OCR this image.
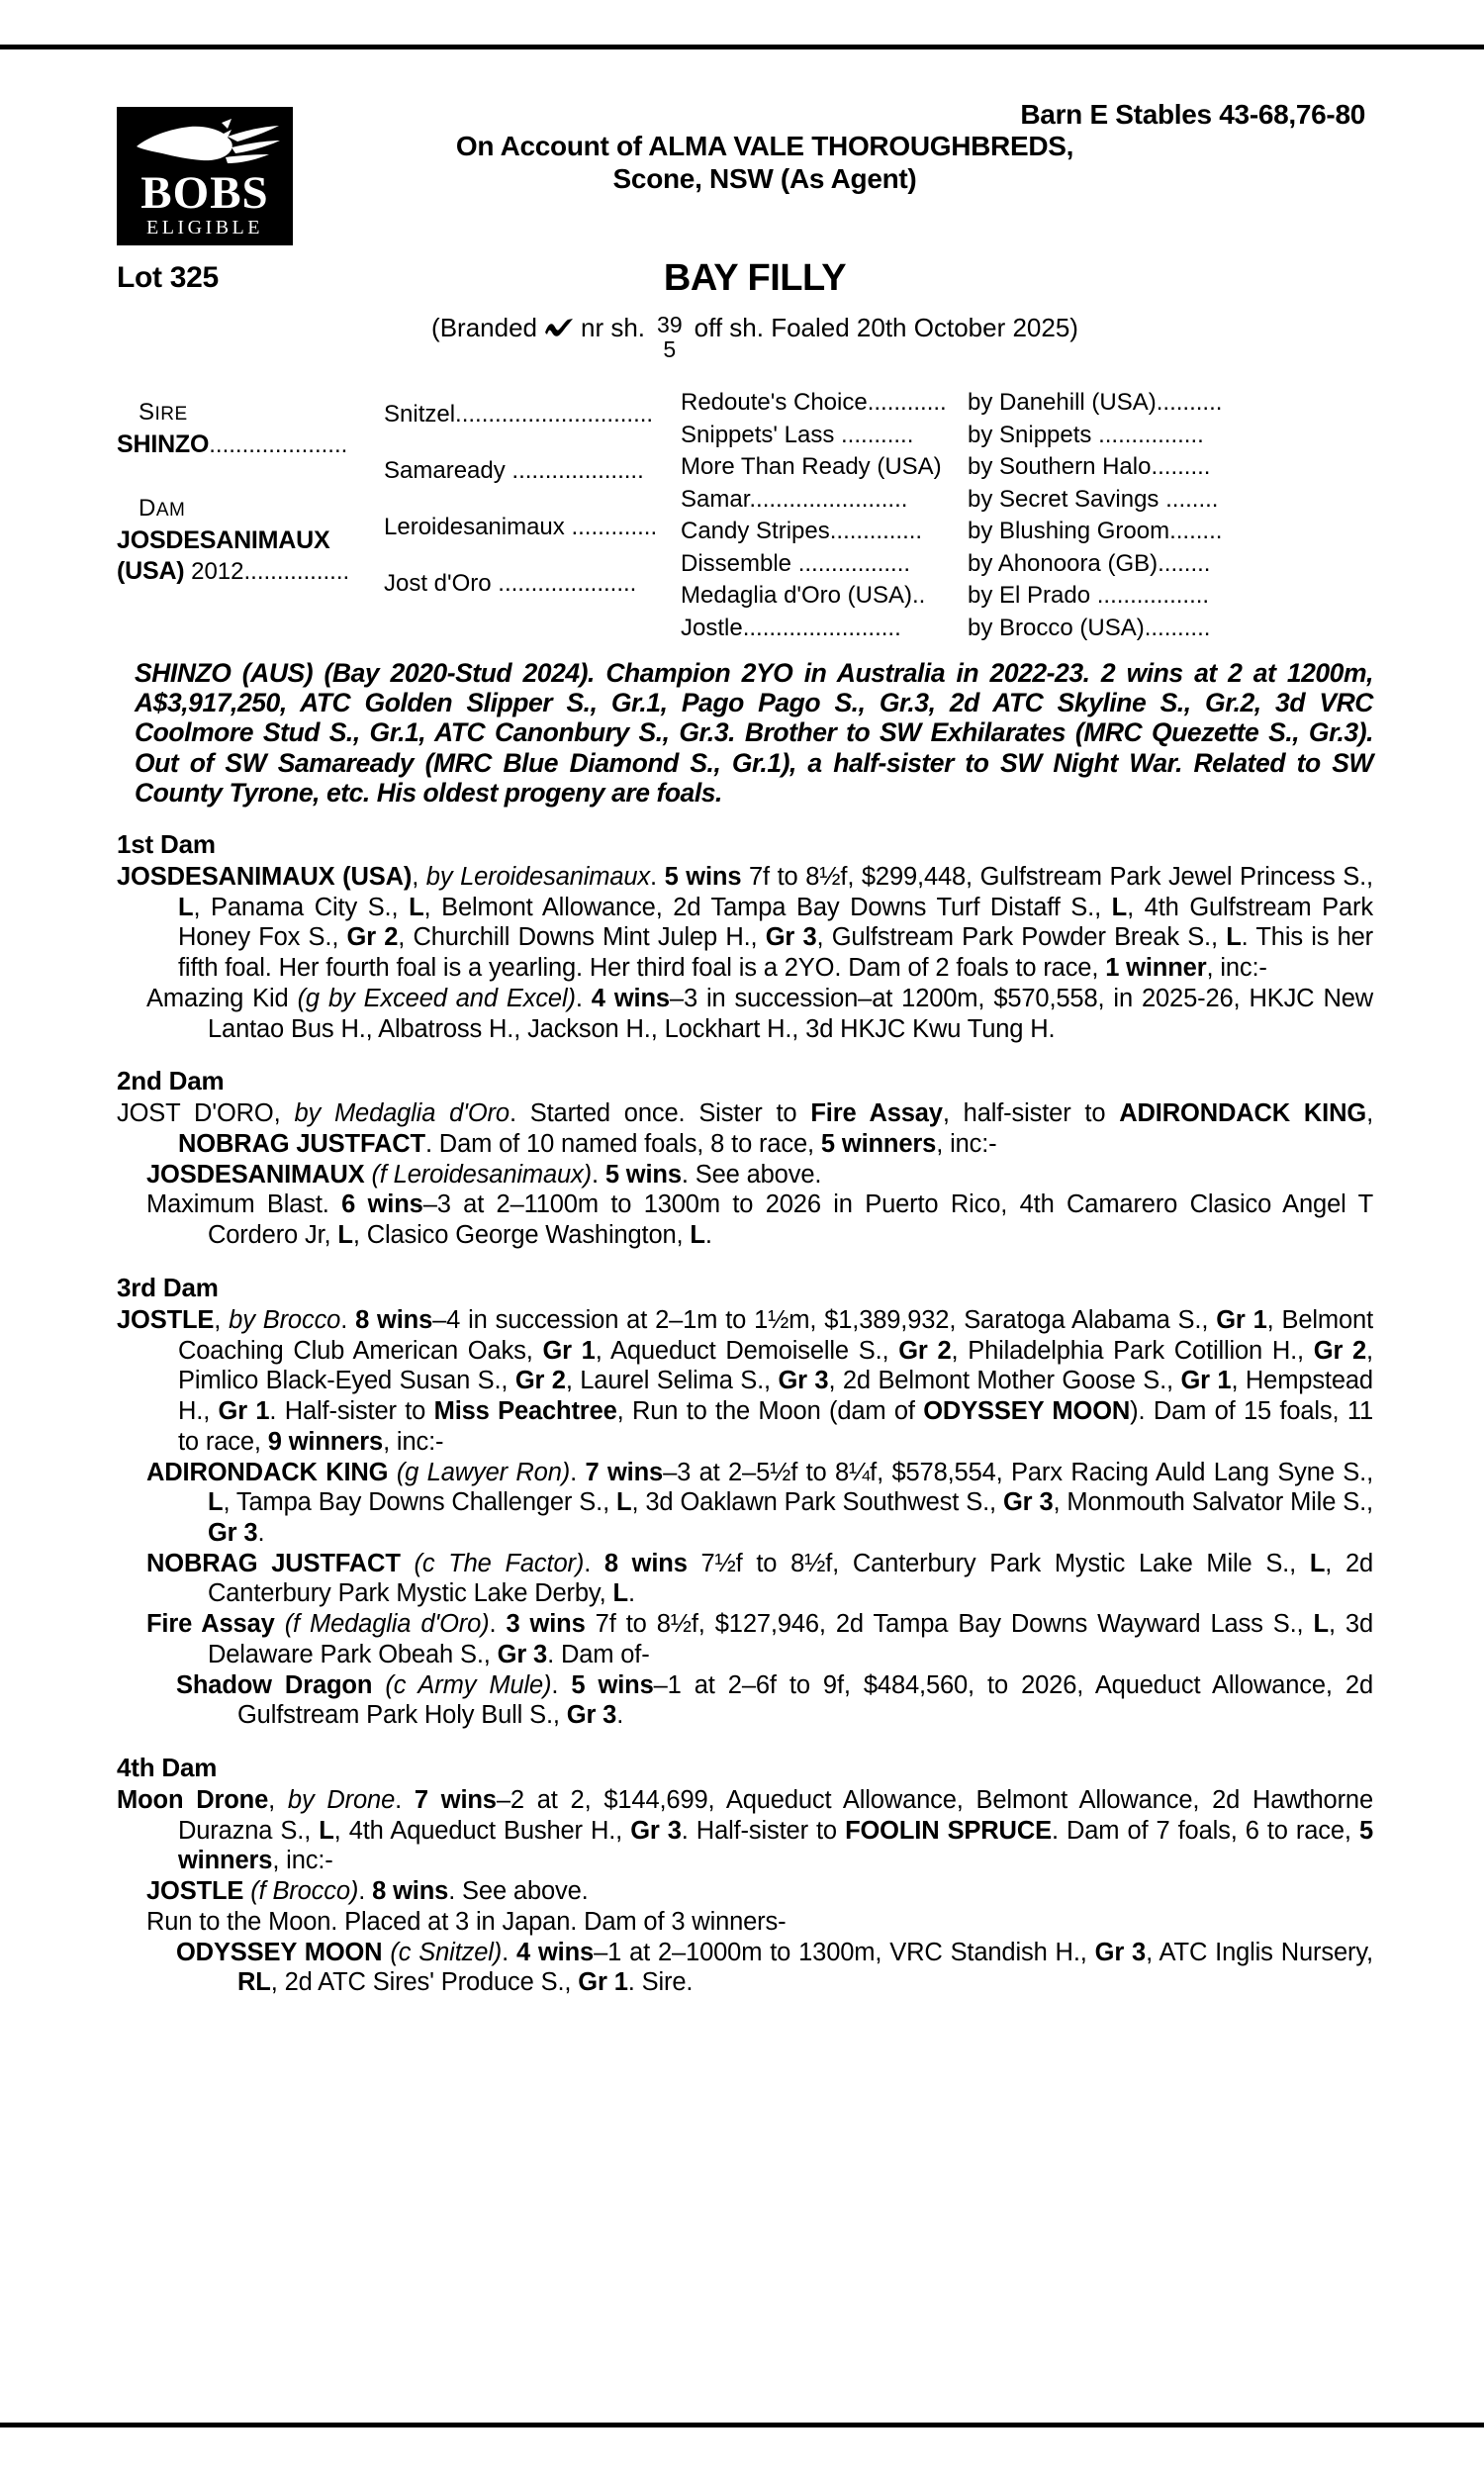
BOBS
ELIGIBLE
Barn E Stables 43-68,76-80
On Account of ALMA VALE THOROUGHBREDS,
Scone, NSW (As Agent)
Lot 325	BAY FILLY
(Branded nr sh. 39
5
off sh. Foaled 20th October 2025)
SIRE
SHINZO.....................
DAM
JOSDESANIMAUX
(USA) 2012................
Snitzel..............................
Samaready ....................
Leroidesanimaux .............
Jost d'Oro .....................
Redoute's Choice............
Snippets' Lass ...........
More Than Ready (USA)
Samar........................
Candy Stripes..............
Dissemble .................
Medaglia d'Oro (USA)..
Jostle........................
by Danehill (USA)..........
by Snippets ................
by Southern Halo.........
by Secret Savings ........
by Blushing Groom........
by Ahonoora (GB)........
by El Prado .................
by Brocco (USA)..........
SHINZO (AUS) (Bay 2020-Stud 2024). Champion 2YO in Australia in 2022-23. 2 wins at 2 at 1200m, A$3,917,250, ATC Golden Slipper S., Gr.1, Pago Pago S., Gr.3, 2d ATC Skyline S., Gr.2, 3d VRC Coolmore Stud S., Gr.1, ATC Canonbury S., Gr.3. Brother to SW Exhilarates (MRC Quezette S., Gr.3). Out of SW Samaready (MRC Blue Diamond S., Gr.1), a half-sister to SW Night War. Related to SW County Tyrone, etc. His oldest progeny are foals.
1st Dam

JOSDESANIMAUX (USA), by Leroidesanimaux. 5 wins 7f to 8½f, $299,448, Gulfstream Park Jewel Princess S., L, Panama City S., L, Belmont Allowance, 2d Tampa Bay Downs Turf Distaff S., L, 4th Gulfstream Park Honey Fox S., Gr 2, Churchill Downs Mint Julep H., Gr 3, Gulfstream Park Powder Break S., L. This is her fifth foal. Her fourth foal is a yearling. Her third foal is a 2YO. Dam of 2 foals to race, 1 winner, inc:-

Amazing Kid (g by Exceed and Excel). 4 wins–3 in succession–at 1200m, $570,558, in 2025-26, HKJC New Lantao Bus H., Albatross H., Jackson H., Lockhart H., 3d HKJC Kwu Tung H.

2nd Dam

JOST D'ORO, by Medaglia d'Oro. Started once. Sister to Fire Assay, half-sister to ADIRONDACK KING, NOBRAG JUSTFACT. Dam of 10 named foals, 8 to race, 5 winners, inc:-

JOSDESANIMAUX (f Leroidesanimaux). 5 wins. See above.

Maximum Blast. 6 wins–3 at 2–1100m to 1300m to 2026 in Puerto Rico, 4th Camarero Clasico Angel T Cordero Jr, L, Clasico George Washington, L.

3rd Dam

JOSTLE, by Brocco. 8 wins–4 in succession at 2–1m to 1½m, $1,389,932, Saratoga Alabama S., Gr 1, Belmont Coaching Club American Oaks, Gr 1, Aqueduct Demoiselle S., Gr 2, Philadelphia Park Cotillion H., Gr 2, Pimlico Black-Eyed Susan S., Gr 2, Laurel Selima S., Gr 3, 2d Belmont Mother Goose S., Gr 1, Hempstead H., Gr 1. Half-sister to Miss Peachtree, Run to the Moon (dam of ODYSSEY MOON). Dam of 15 foals, 11 to race, 9 winners, inc:-

ADIRONDACK KING (g Lawyer Ron). 7 wins–3 at 2–5½f to 8¼f, $578,554, Parx Racing Auld Lang Syne S., L, Tampa Bay Downs Challenger S., L, 3d Oaklawn Park Southwest S., Gr 3, Monmouth Salvator Mile S., Gr 3.

NOBRAG JUSTFACT (c The Factor). 8 wins 7½f to 8½f, Canterbury Park Mystic Lake Mile S., L, 2d Canterbury Park Mystic Lake Derby, L.

Fire Assay (f Medaglia d'Oro). 3 wins 7f to 8½f, $127,946, 2d Tampa Bay Downs Wayward Lass S., L, 3d Delaware Park Obeah S., Gr 3. Dam of-

Shadow Dragon (c Army Mule). 5 wins–1 at 2–6f to 9f, $484,560, to 2026, Aqueduct Allowance, 2d Gulfstream Park Holy Bull S., Gr 3.

4th Dam

Moon Drone, by Drone. 7 wins–2 at 2, $144,699, Aqueduct Allowance, Belmont Allowance, 2d Hawthorne Durazna S., L, 4th Aqueduct Busher H., Gr 3. Half-sister to FOOLIN SPRUCE. Dam of 7 foals, 6 to race, 5 winners, inc:-

JOSTLE (f Brocco). 8 wins. See above.

Run to the Moon. Placed at 3 in Japan. Dam of 3 winners-

ODYSSEY MOON (c Snitzel). 4 wins–1 at 2–1000m to 1300m, VRC Standish H., Gr 3, ATC Inglis Nursery, RL, 2d ATC Sires' Produce S., Gr 1. Sire.
